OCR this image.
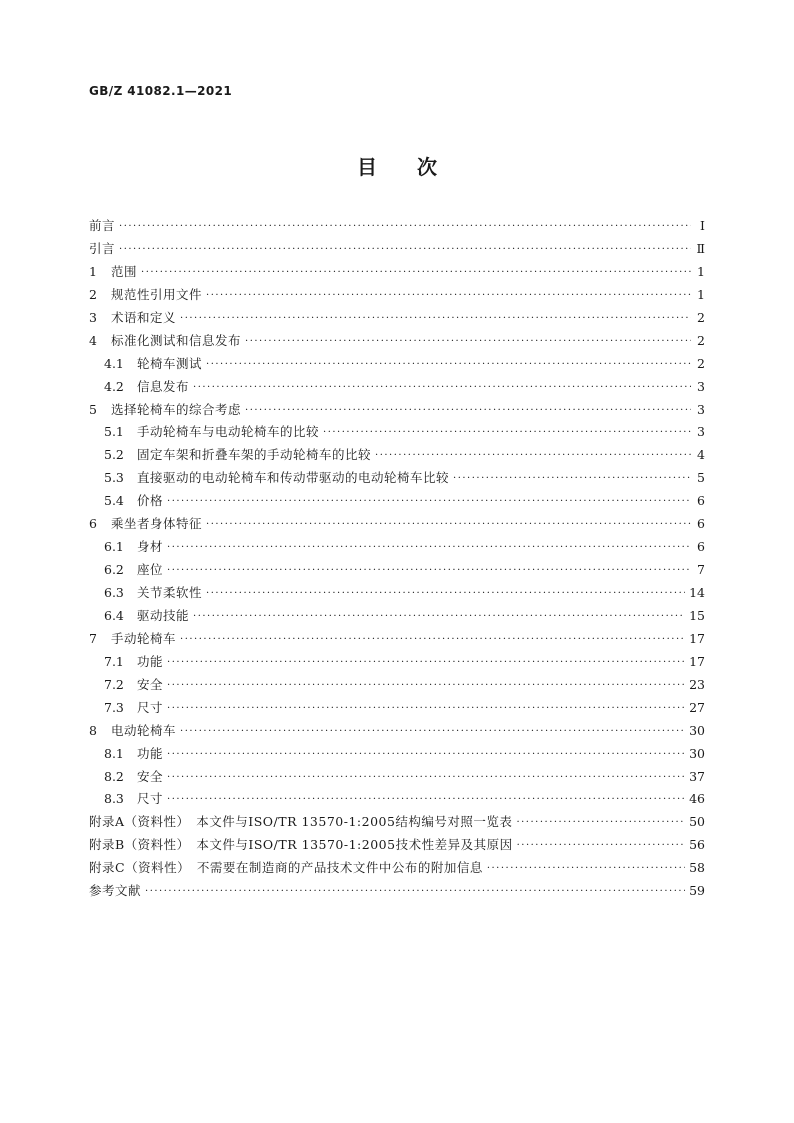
GB/Z 41082.1—2021
目次
前言 ·····	Ⅰ
引言 ·····	Ⅱ
1	范围 ·····	1
2	规范性引用文件 ·····	1
3	术语和定义 ·····	2
4	标准化测试和信息发布 ·····	2
4.1	轮椅车测试 ·····	2
4.2	信息发布 ·····	3
5	选择轮椅车的综合考虑 ·····	3
5.1	手动轮椅车与电动轮椅车的比较 ·····	3
5.2	固定车架和折叠车架的手动轮椅车的比较 ·····	4
5.3	直接驱动的电动轮椅车和传动带驱动的电动轮椅车比较 ·····	5
5.4	价格 ·····	6
6	乘坐者身体特征 ·····	6
6.1	身材 ·····	6
6.2	座位 ·····	7
6.3	关节柔软性 ·····	14
6.4	驱动技能 ·····	15
7	手动轮椅车 ·····	17
7.1	功能 ·····	17
7.2	安全 ·····	23
7.3	尺寸 ·····	27
8	电动轮椅车 ·····	30
8.1	功能 ·····	30
8.2	安全 ·····	37
8.3	尺寸 ·····	46
附录A（资料性）　本文件与ISO/TR 13570-1:2005结构编号对照一览表 ·····	50
附录B（资料性）　本文件与ISO/TR 13570-1:2005技术性差异及其原因 ·····	56
附录C（资料性）　不需要在制造商的产品技术文件中公布的附加信息 ·····	58
参考文献 ·····	59
